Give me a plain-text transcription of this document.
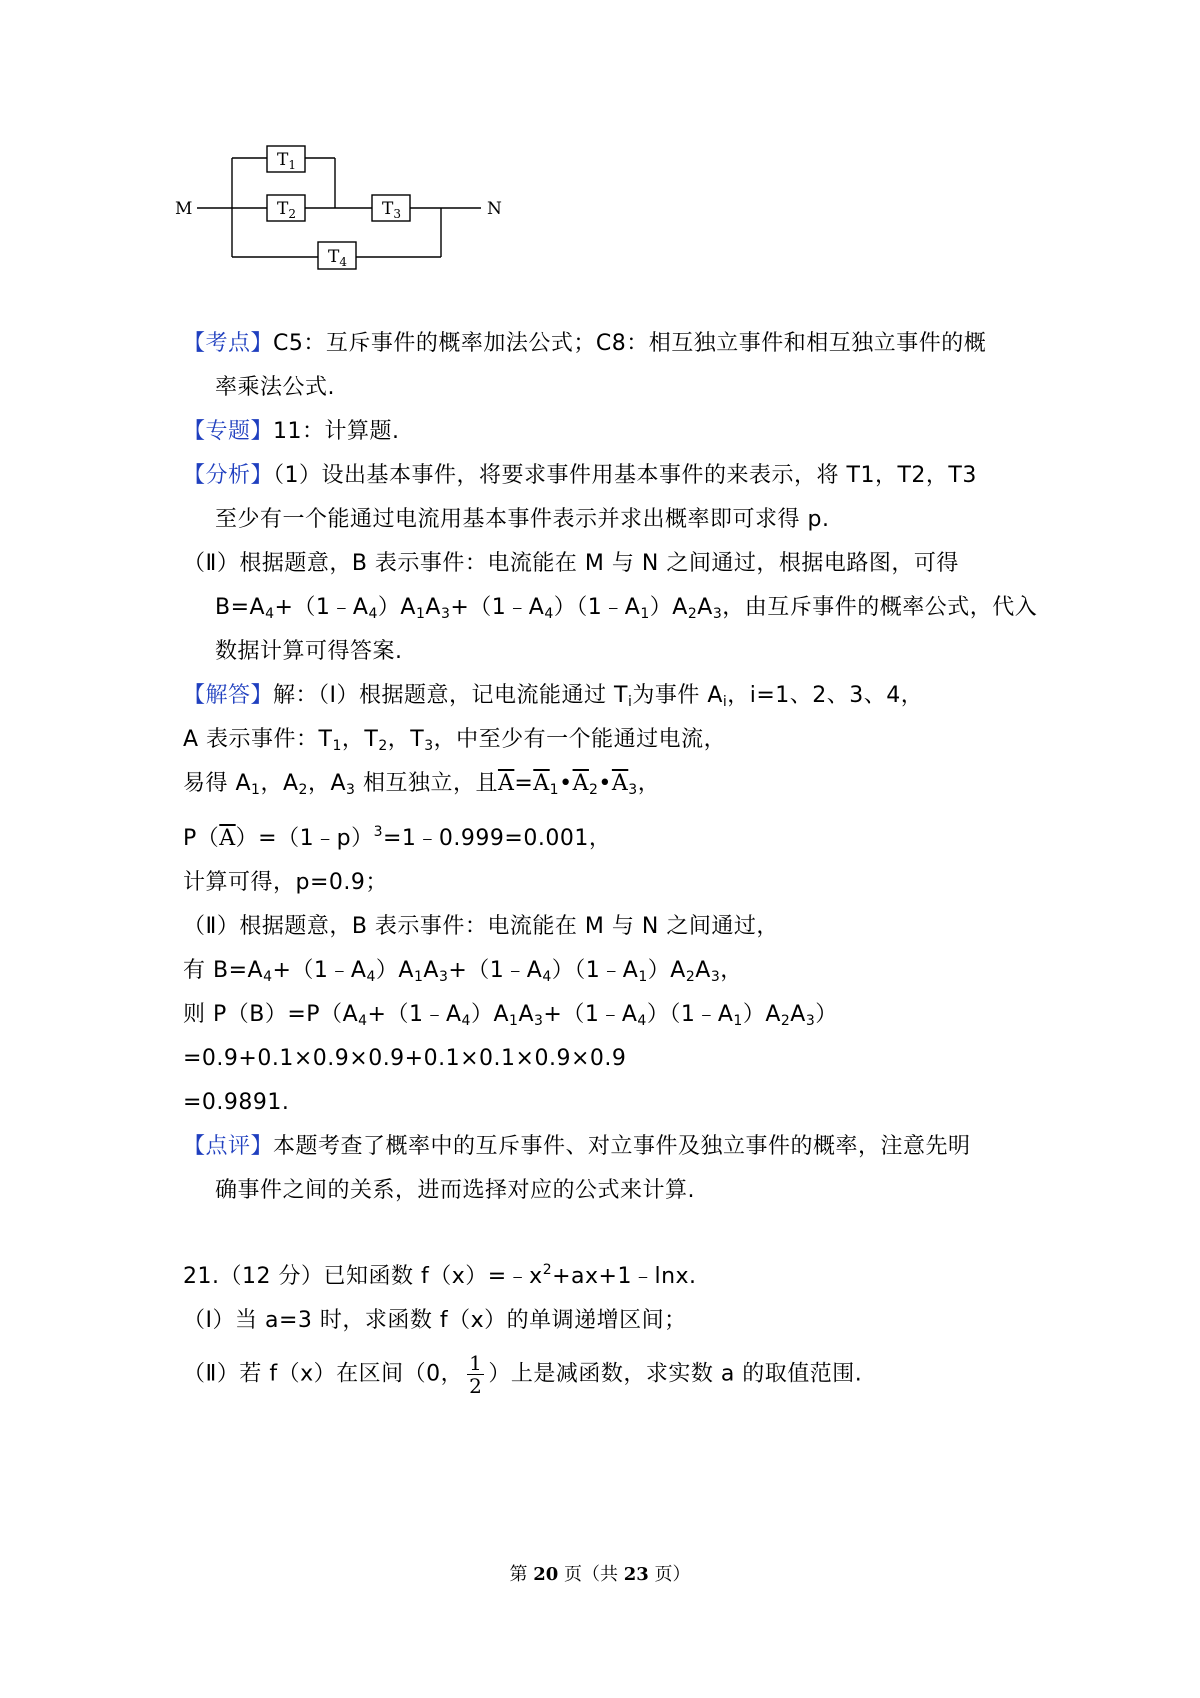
M	N
$T_1$
$T_2$	$T_3$
$T_4$
【考点】C5：互斥事件的概率加法公式；C8：相互独立事件和相互独立事件的概
率乘法公式.
【专题】11：计算题.
【分析】（1）设出基本事件，将要求事件用基本事件的来表示，将 T1，T2，T3
至少有一个能通过电流用基本事件表示并求出概率即可求得 p.
（Ⅱ）根据题意，B 表示事件：电流能在 M 与 N 之间通过，根据电路图，可得
$B=A_4+(1﹣A_4)A_1A_3+(1﹣A_4)(1﹣A_1)A_2A_3$，由互斥事件的概率公式，代入
数据计算可得答案.
【解答】解：（Ⅰ）根据题意，记电流能通过 $T_i$为事件 $A_i$，i=1、2、3、4，
A 表示事件：$T_1$，$T_2$，$T_3$，中至少有一个能通过电流，
易得 $A_1$，$A_2$，$A_3$ 相互独立，且$\overline{A}=\overline{A}_1•\overline{A}_2•\overline{A}_3$，
$P(\overline{A})=(1﹣p)^3=1﹣0.999=0.001$，
计算可得，p=0.9；
（Ⅱ）根据题意，B 表示事件：电流能在 M 与 N 之间通过，
有 $B=A_4+(1﹣A_4)A_1A_3+(1﹣A_4)(1﹣A_1)A_2A_3$，
则 $P(B)=P(A_4+(1﹣A_4)A_1A_3+(1﹣A_4)(1﹣A_1)A_2A_3)$
=0.9+0.1×0.9×0.9+0.1×0.1×0.9×0.9
=0.9891.
【点评】本题考查了概率中的互斥事件、对立事件及独立事件的概率，注意先明
确事件之间的关系，进而选择对应的公式来计算.
21.（12 分）已知函数 $f(x)=﹣x^2+ax+1﹣\ln x$.
（Ⅰ）当 a=3 时，求函数 f（x）的单调递增区间；
（Ⅱ）若 f（x）在区间（0， $\frac{1}{2}$ ）上是减函数，求实数 a 的取值范围.
第 20 页（共 23 页）
